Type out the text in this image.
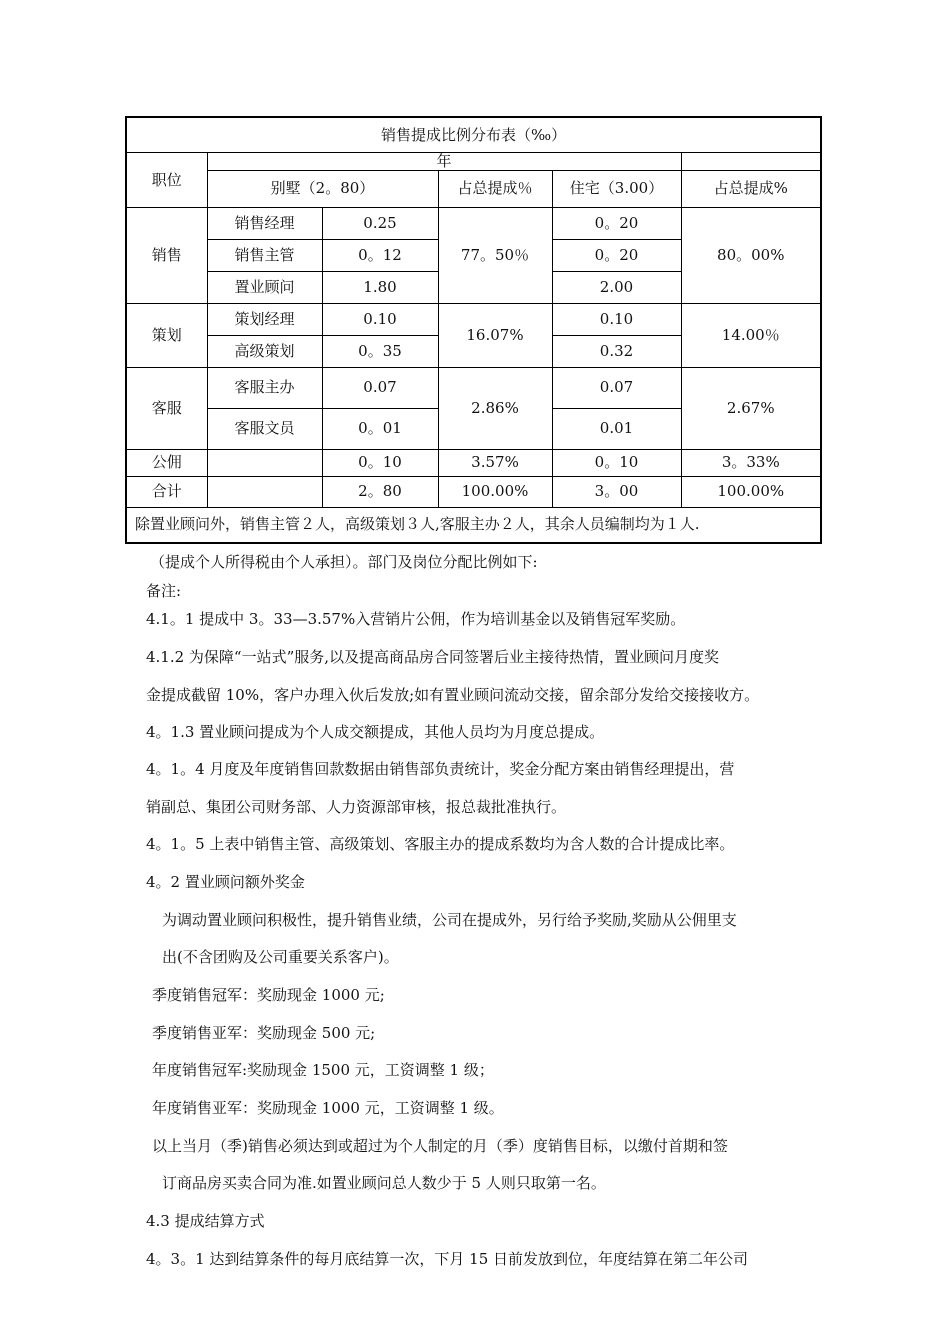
销售提成比例分布表（‰）					
职位	年				
	别墅（2。80）		占总提成％	住宅（3.00）	占总提成%
销售	销售经理	0.25	77。50％	0。20	80。00%
	销售主管	0。12		0。20	
	置业顾问	1.80		2.00	
策划	策划经理	0.10	16.07%	0.10	14.00％
	高级策划	0。35		0.32	
客服	客服主办	0.07	2.86%	0.07	2.67%
	客服文员	0。01		0.01	
公佣		0。10	3.57%	0。10	3。33%
合计		2。80	100.00%	3。00	100.00%
除置业顾问外，销售主管２人，高级策划３人,客服主办２人，其余人员编制均为１人.					
（提成个人所得税由个人承担）。部门及岗位分配比例如下:
备注:
4.1。1 提成中 3。33—3.57%入营销片公佣，作为培训基金以及销售冠军奖励。
4.1.2 为保障“一站式”服务,以及提高商品房合同签署后业主接待热情，置业顾问月度奖
金提成截留 10%，客户办理入伙后发放;如有置业顾问流动交接，留余部分发给交接接收方。
4。1.3 置业顾问提成为个人成交额提成，其他人员均为月度总提成。
4。1。4 月度及年度销售回款数据由销售部负责统计，奖金分配方案由销售经理提出，营
销副总、集团公司财务部、人力资源部审核，报总裁批准执行。
4。1。5 上表中销售主管、高级策划、客服主办的提成系数均为含人数的合计提成比率。
4。2 置业顾问额外奖金
为调动置业顾问积极性，提升销售业绩，公司在提成外，另行给予奖励,奖励从公佣里支
出(不含团购及公司重要关系客户)。
季度销售冠军：奖励现金 1000 元;
季度销售亚军：奖励现金 500 元;
年度销售冠军:奖励现金 1500 元，工资调整 1 级；
年度销售亚军：奖励现金 1000 元，工资调整 1 级。
以上当月（季)销售必须达到或超过为个人制定的月（季）度销售目标，以缴付首期和签
订商品房买卖合同为准.如置业顾问总人数少于 5 人则只取第一名。
4.3 提成结算方式
4。3。1 达到结算条件的每月底结算一次，下月 15 日前发放到位，年度结算在第二年公司
